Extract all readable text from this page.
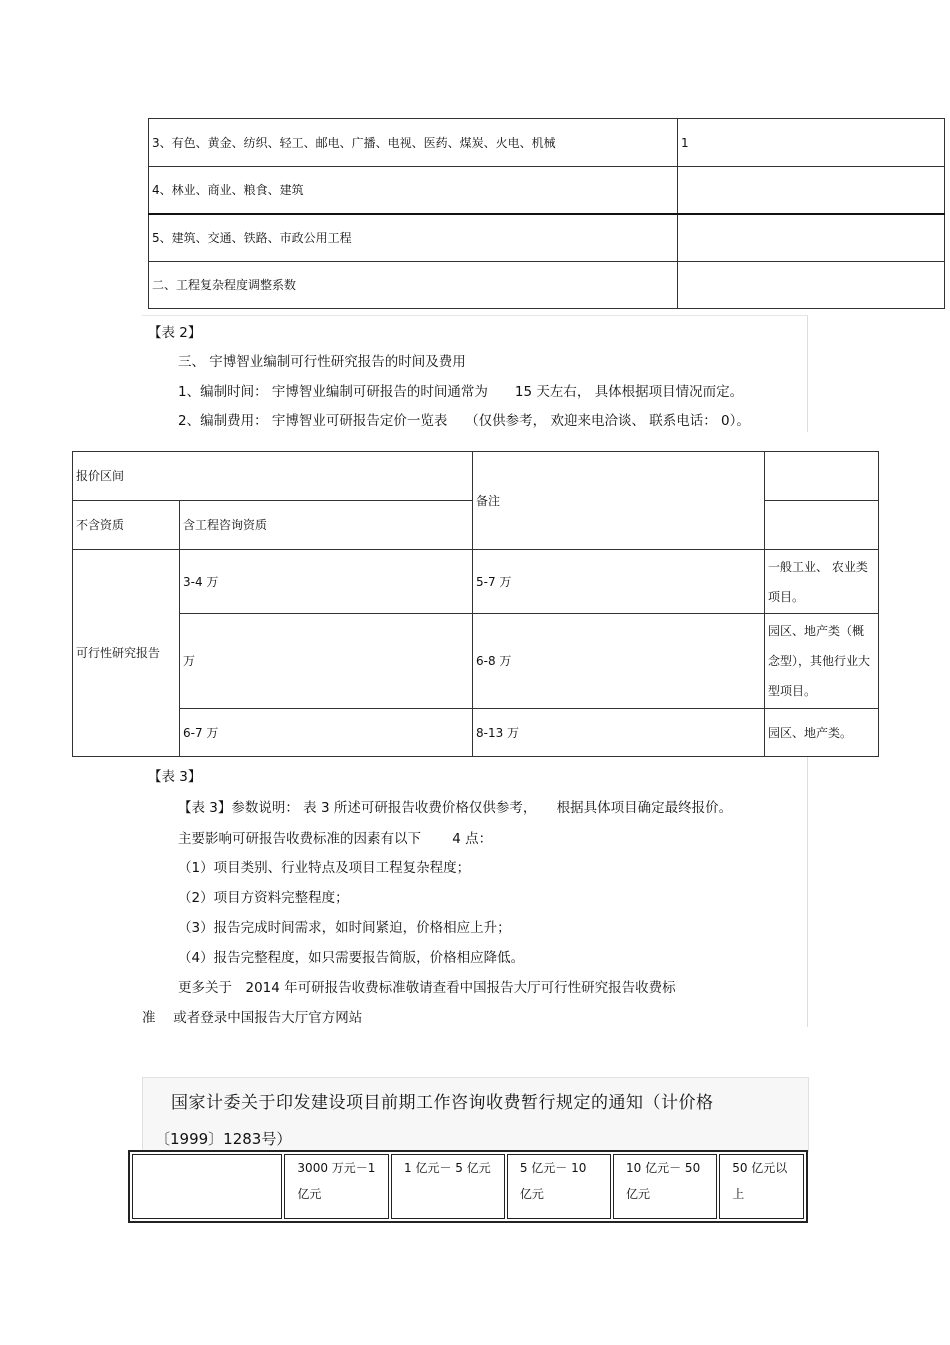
3、有色、黄金、纺织、轻工、邮电、广播、电视、医药、煤炭、火电、机械	1
4、林业、商业、粮食、建筑	
5、建筑、交通、铁路、市政公用工程	
二、工程复杂程度调整系数	
【表 2】
三、 宇博智业编制可行性研究报告的时间及费用
1、编制时间： 宇博智业编制可研报告的时间通常为　　15 天左右， 具体根据项目情况而定。
2、编制费用： 宇博智业可研报告定价一览表　 （仅供参考， 欢迎来电洽谈、 联系电话： 0）。
报价区间		备注	
不含资质	含工程咨询资质		
可行性研究报告	3-4 万	5-7 万	一般工业、 农业类项目。
	万	6-8 万	园区、地产类（概念型），其他行业大型项目。
	6-7 万	8-13 万	园区、地产类。
【表 3】
【表 3】参数说明： 表 3 所述可研报告收费价格仅供参考，　　根据具体项目确定最终报价。
主要影响可研报告收费标准的因素有以下　　 4 点：
（1）项目类别、行业特点及项目工程复杂程度；
（2）项目方资料完整程度；
（3）报告完成时间需求，如时间紧迫，价格相应上升；
（4）报告完整程度，如只需要报告简版，价格相应降低。
更多关于　2014 年可研报告收费标准敬请查看中国报告大厅可行性研究报告收费标
准　 或者登录中国报告大厅官方网站
国家计委关于印发建设项目前期工作咨询收费暂行规定的通知（计价格
〔1999〕1283号）
	3000 万元－1 亿元	1 亿元－ 5 亿元	5 亿元－ 10 亿元	10 亿元－ 50 亿元	50 亿元以上
